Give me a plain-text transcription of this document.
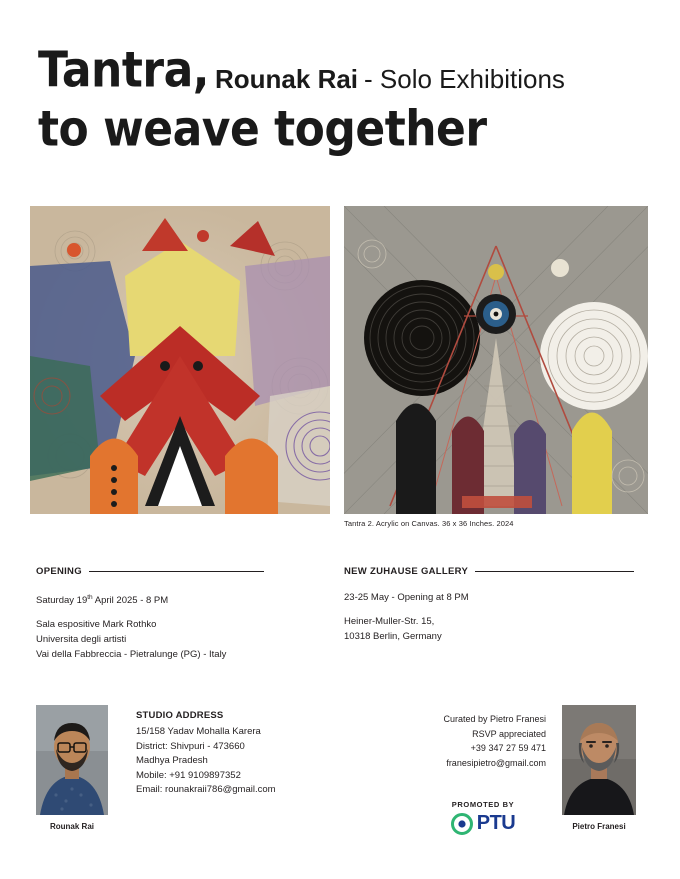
Tantra, Rounak Rai - Solo Exhibitions
to weave together
Tantra 2. Acrylic on Canvas. 36 x 36 Inches. 2024
OPENING
Saturday 19th April 2025 - 8 PM
Sala espositive Mark Rothko
Universita degli artisti
Vai della Fabbreccia - Pietralunge (PG) - Italy
NEW ZUHAUSE GALLERY
23-25 May - Opening at 8 PM
Heiner-Muller-Str. 15,
10318 Berlin, Germany
Rounak Rai
STUDIO ADDRESS
15/158 Yadav Mohalla Karera
District: Shivpuri - 473660
Madhya Pradesh
Mobile: +91 9109897352
Email: rounakraii786@gmail.com
Curated by Pietro Franesi
RSVP appreciated
+39 347 27 59 471
franesipietro@gmail.com
PROMOTED BY
PTU	Pietro Franesi
